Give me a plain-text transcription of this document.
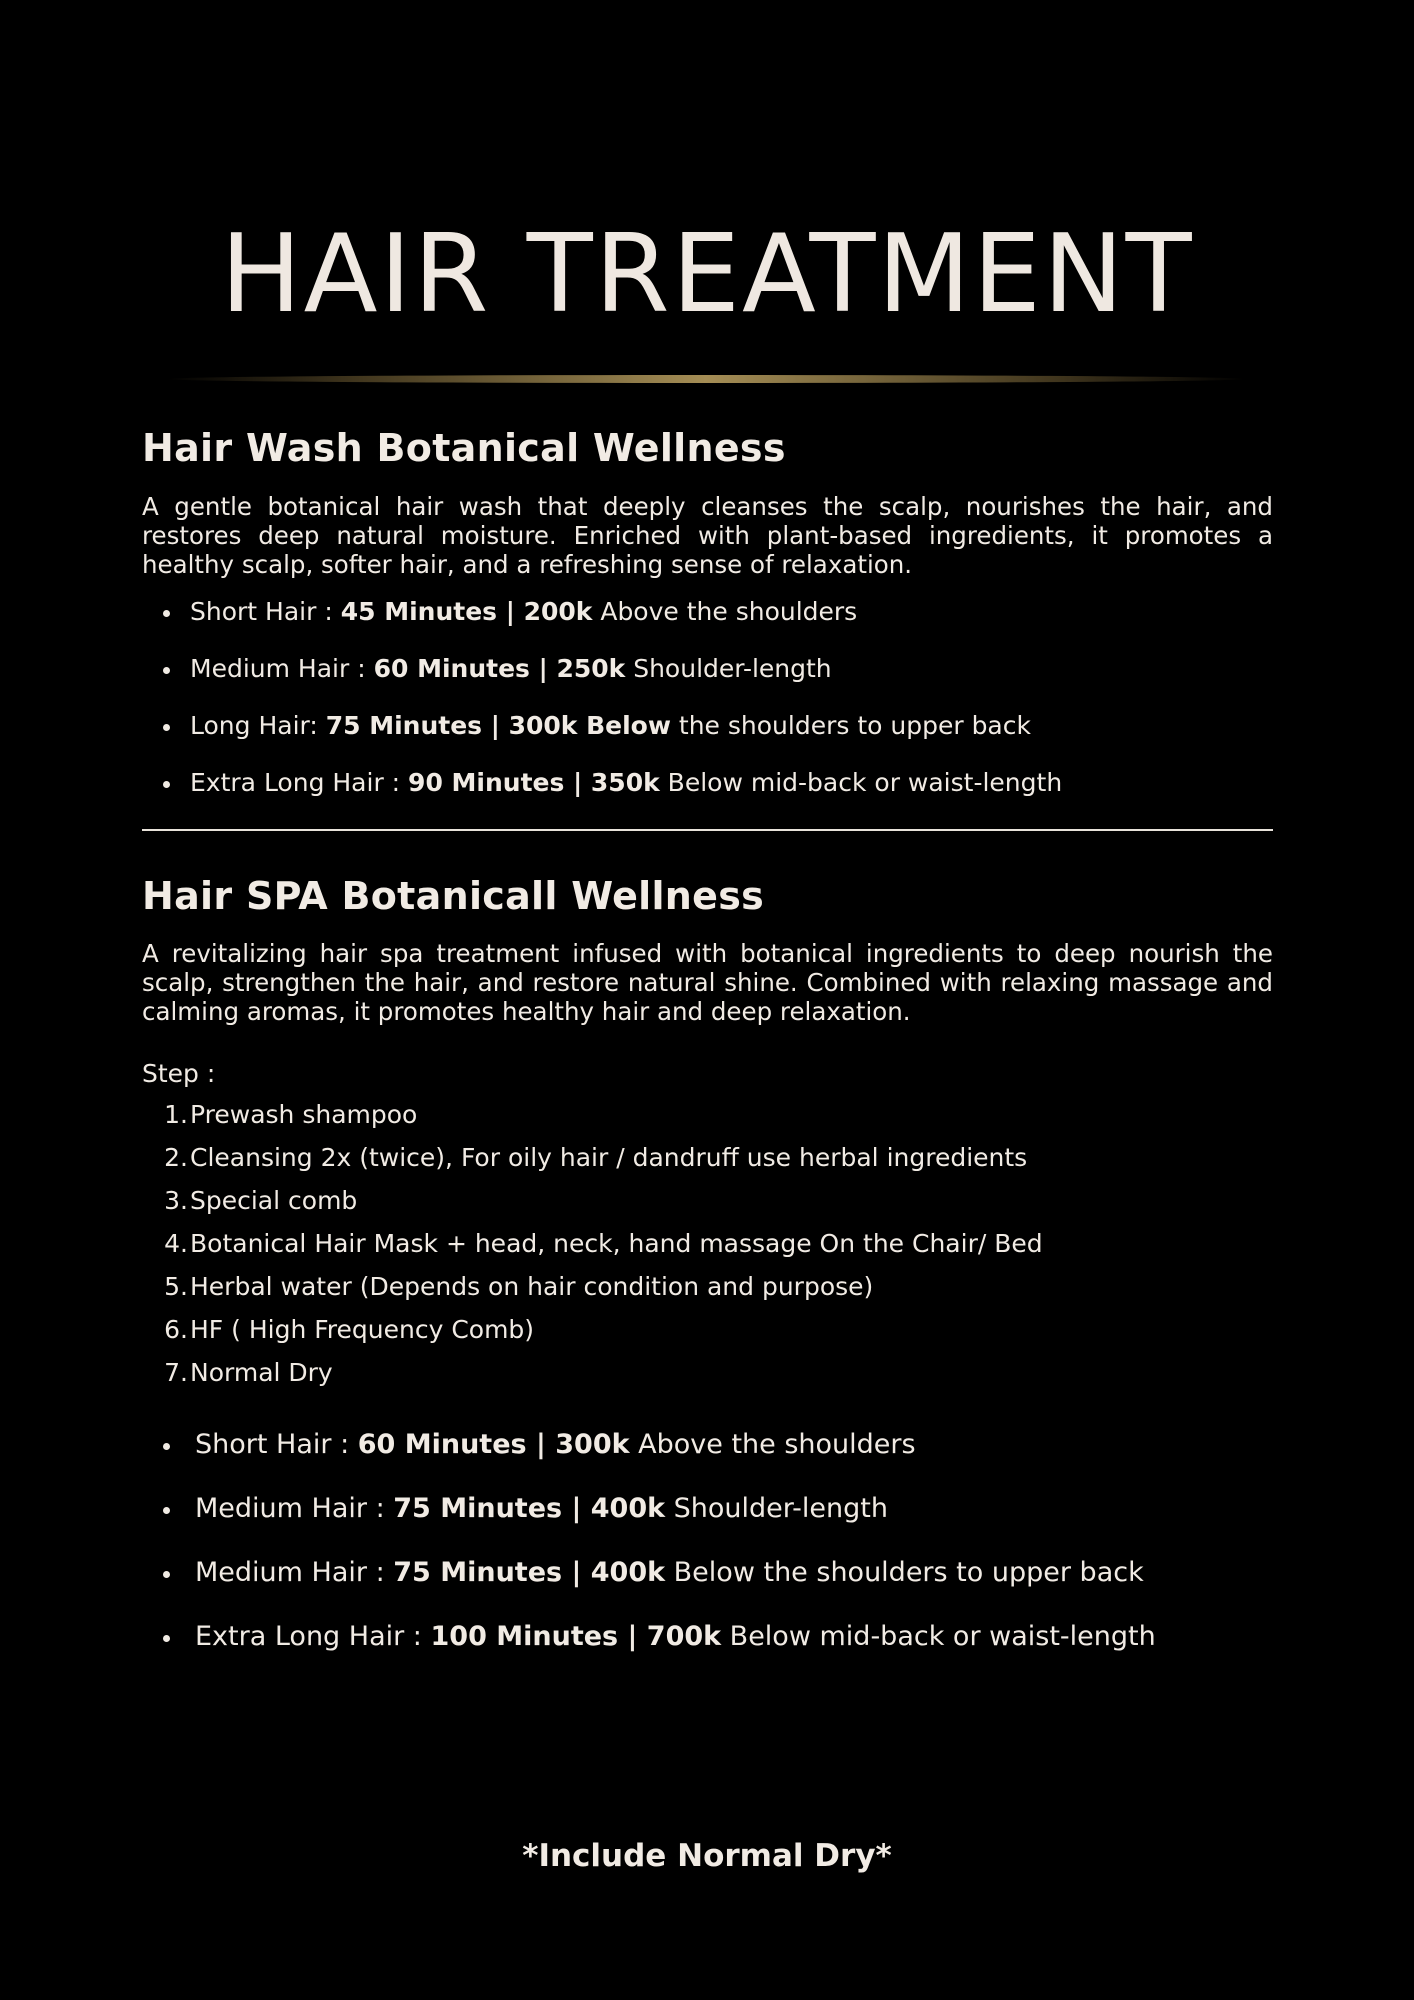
HAIR TREATMENT
Hair Wash Botanical Wellness

A gentle botanical hair wash that deeply cleanses the scalp, nourishes the hair, and restores deep natural moisture. Enriched with plant-based ingredients, it promotes a healthy scalp, softer hair, and a refreshing sense of relaxation.

Short Hair : 45 Minutes | 200k Above the shoulders
Medium Hair : 60 Minutes | 250k Shoulder-length
Long Hair: 75 Minutes | 300k Below the shoulders to upper back
Extra Long Hair : 90 Minutes | 350k Below mid-back or waist-length
Hair SPA Botanicall Wellness

A revitalizing hair spa treatment infused with botanical ingredients to deep nourish the scalp, strengthen the hair, and restore natural shine. Combined with relaxing massage and calming aromas, it promotes healthy hair and deep relaxation.

Step :

1. Prewash shampoo
2. Cleansing 2x (twice), For oily hair / dandruff use herbal ingredients
3. Special comb
4. Botanical Hair Mask + head, neck, hand massage On the Chair/ Bed
5. Herbal water (Depends on hair condition and purpose)
6. HF ( High Frequency Comb)
7. Normal Dry
Short Hair : 60 Minutes | 300k Above the shoulders
Medium Hair : 75 Minutes | 400k Shoulder-length
Medium Hair : 75 Minutes | 400k Below the shoulders to upper back
Extra Long Hair : 100 Minutes | 700k Below mid-back or waist-length
*Include Normal Dry*
